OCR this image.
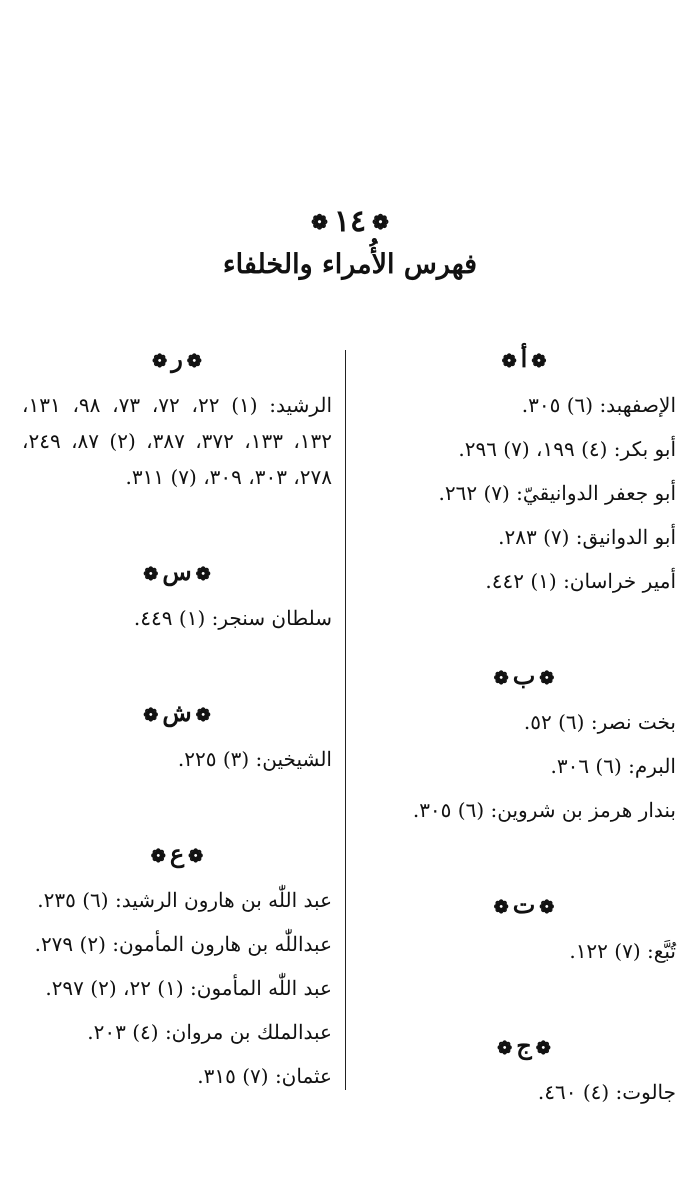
❁
١٤
❁
فهرس الأُمراء والخلفاء
❁أ❁
الإصفهبد: (٦) ٣٠٥.
أبو بكر: (٤) ١٩٩، (٧) ٢٩٦.
أبو جعفر الدوانيقيّ: (٧) ٢٦٢.
أبو الدوانيق: (٧) ٢٨٣.
أمير خراسان: (١) ٤٤٢.
❁ب❁
بخت نصر: (٦) ٥٢.
البرم: (٦) ٣٠٦.
بندار هرمز بن شروين: (٦) ٣٠٥.
❁ت❁
تُبَّع: (٧) ١٢٢.
❁ج❁
جالوت: (٤) ٤٦٠.
❁ر❁
الرشيد: (١) ٢٢، ٧٢، ٧٣، ٩٨، ١٣١، ١٣٢، ١٣٣، ٣٧٢، ٣٨٧، (٢) ٨٧، ٢٤٩، ٢٧٨، ٣٠٣، ٣٠٩، (٧) ٣١١.
❁س❁
سلطان سنجر: (١) ٤٤٩.
❁ش❁
الشيخين: (٣) ٢٢٥.
❁ع❁
عبد اللّٰه بن هارون الرشيد: (٦) ٢٣٥.
عبداللّٰه بن هارون المأمون: (٢) ٢٧٩.
عبد اللّٰه المأمون: (١) ٢٢، (٢) ٢٩٧.
عبدالملك بن مروان: (٤) ٢٠٣.
عثمان: (٧) ٣١٥.
